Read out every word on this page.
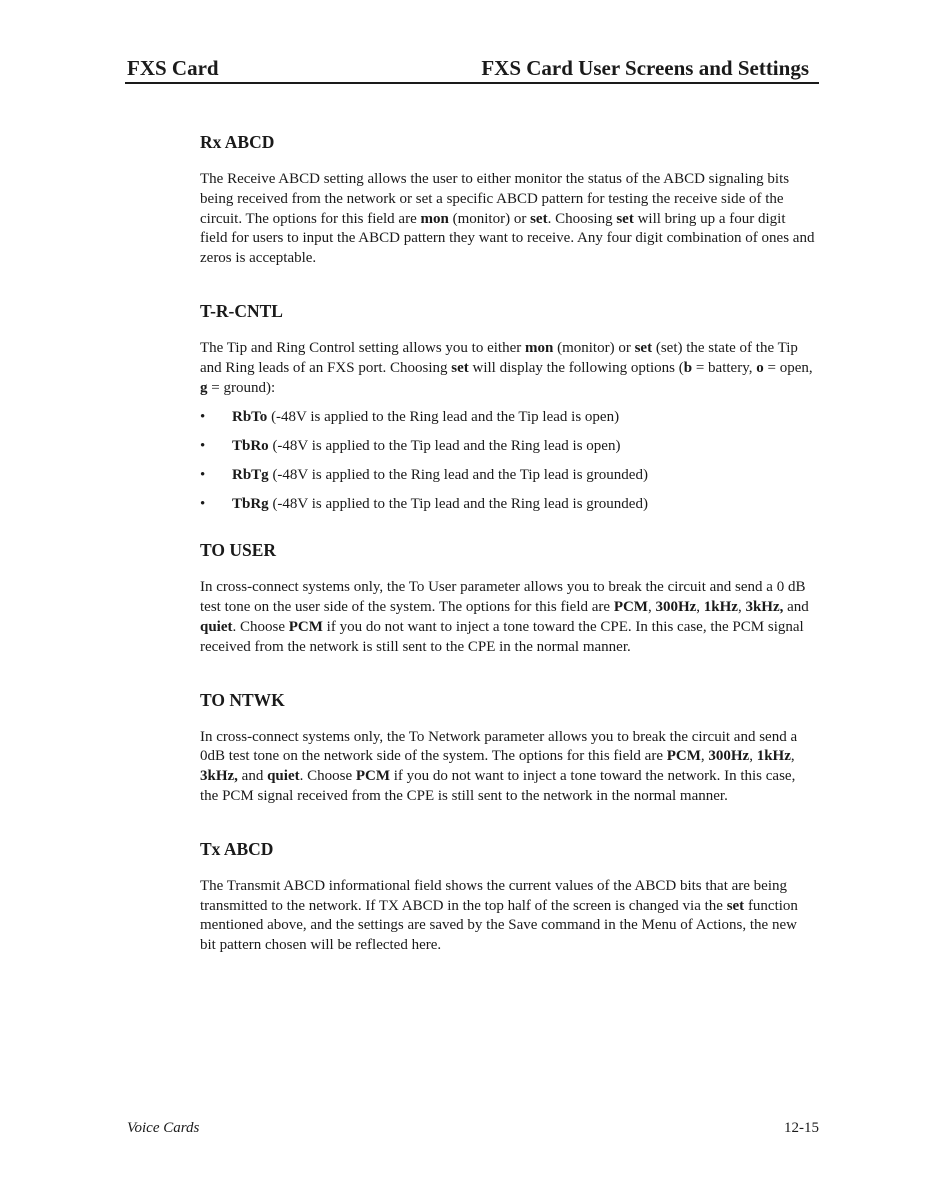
FXS Card	FXS Card User Screens and Settings
Rx ABCD

The Receive ABCD setting allows the user to either monitor the status of the ABCD signaling bits being received from the network or set a specific ABCD pattern for testing the receive side of the circuit. The options for this field are mon (monitor) or set. Choosing set will bring up a four digit field for users to input the ABCD pattern they want to receive. Any four digit combination of ones and zeros is acceptable.

T-R-CNTL

The Tip and Ring Control setting allows you to either mon (monitor) or set (set) the state of the Tip and Ring leads of an FXS port. Choosing set will display the following options (b = battery, o = open, g = ground):

• RbTo (-48V is applied to the Ring lead and the Tip lead is open)
• TbRo (-48V is applied to the Tip lead and the Ring lead is open)
• RbTg (-48V is applied to the Ring lead and the Tip lead is grounded)
• TbRg (-48V is applied to the Tip lead and the Ring lead is grounded)
TO USER

In cross-connect systems only, the To User parameter allows you to break the circuit and send a 0 dB test tone on the user side of the system. The options for this field are PCM, 300Hz, 1kHz, 3kHz, and quiet. Choose PCM if you do not want to inject a tone toward the CPE. In this case, the PCM signal received from the network is still sent to the CPE in the normal manner.

TO NTWK

In cross-connect systems only, the To Network parameter allows you to break the circuit and send a 0dB test tone on the network side of the system. The options for this field are PCM, 300Hz, 1kHz, 3kHz, and quiet. Choose PCM if you do not want to inject a tone toward the network. In this case, the PCM signal received from the CPE is still sent to the network in the normal manner.

Tx ABCD

The Transmit ABCD informational field shows the current values of the ABCD bits that are being transmitted to the network. If TX ABCD in the top half of the screen is changed via the set function mentioned above, and the settings are saved by the Save command in the Menu of Actions, the new bit pattern chosen will be reflected here.

Voice Cards	12-15
